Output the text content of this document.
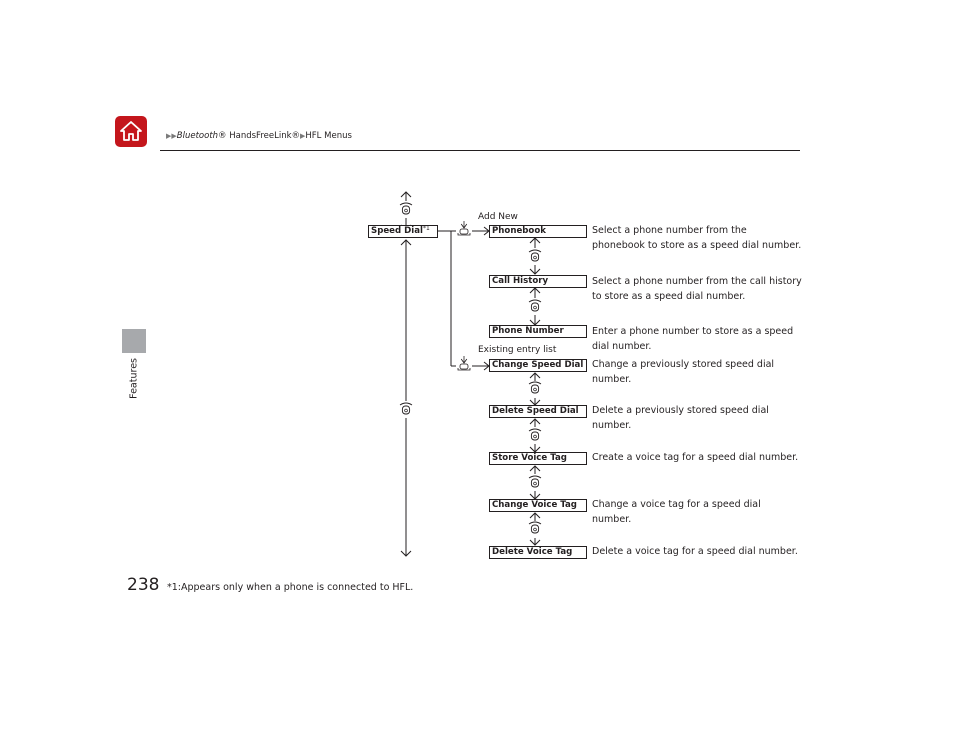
▶▶Bluetooth® HandsFreeLink®▶HFL Menus
Features
Speed Dial$^{*1}$
Add New
Existing entry list
Phonebook
Call History
Phone Number
Change Speed Dial
Delete Speed Dial
Store Voice Tag
Change Voice Tag
Delete Voice Tag
Select a phone number from the phonebook to store as a speed dial number.
Select a phone number from the call history to store as a speed dial number.
Enter a phone number to store as a speed dial number.
Change a previously stored speed dial number.
Delete a previously stored speed dial number.
Create a voice tag for a speed dial number.
Change a voice tag for a speed dial number.
Delete a voice tag for a speed dial number.
238 *1:Appears only when a phone is connected to HFL.
